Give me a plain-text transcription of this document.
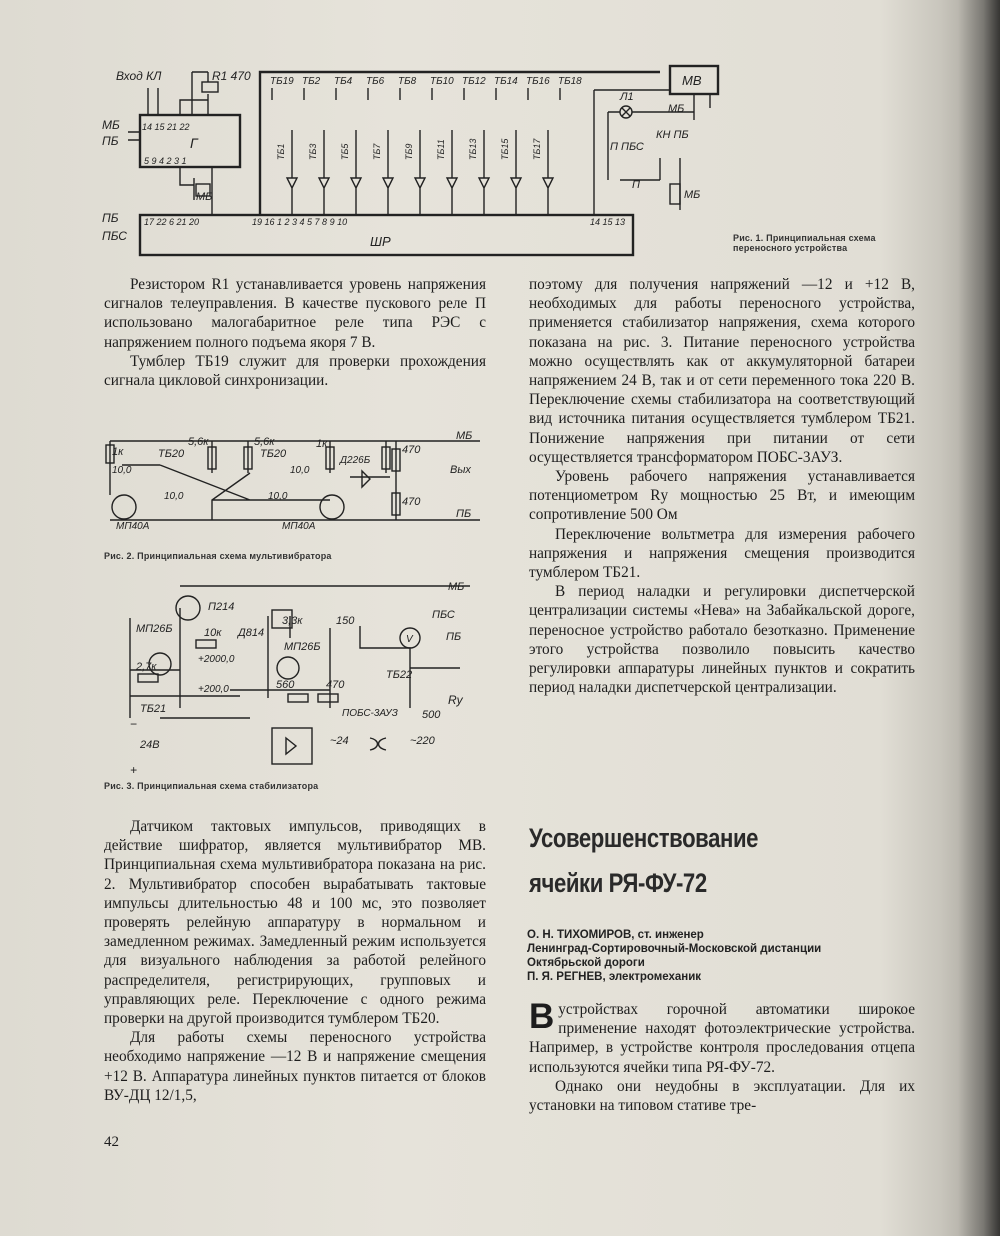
Вход КЛ	R1 470
МБ
ПБ
14 15 21 22
Г
5 9 4 2 3 1
МБ
ПБ
ПБС
17 22 6 21 20	19 16 1 2 3 4 5 7 8 9 10	14 15 13
ШР
ТБ19 ТБ2 ТБ4 ТБ6 ТБ8 ТБ10 ТБ12 ТБ14 ТБ16 ТБ18
ТБ1 ТБ3 ТБ5 ТБ7 ТБ9 ТБ11 ТБ13 ТБ15 ТБ17
МВ
Л1
МБ
П ПБС
КН ПБ
П
МБ
Рис. 1. Принципиальная схема переносного устройства

Резистором R1 устанавливается уровень напряжения сигналов телеуправления. В качестве пускового реле П использовано малогабаритное реле типа РЭС с напряжением полного подъема якоря 7 В.

Тумблер ТБ19 служит для проверки прохождения сигнала цикловой синхронизации.

1к
5,6к	5,6к	1к
Д226Б
470
470
МБ
Вых
ПБ
ТБ20	ТБ20
10,0
10,0
10,0
10,0
МП40А	МП40А
Рис. 2. Принципиальная схема мультивибратора
П214
МП26Б	10к Д814
МП26Б
3,3к	150
МБ
ПБС
ПБ
V
ТБ22
2,7к
+2000,0
+200,0	560	470
Rу
500
ТБ21	ПОБС-3АУЗ
~24	~220
24В
+
−
Рис. 3. Принципиальная схема стабилизатора

Датчиком тактовых импульсов, приводящих в действие шифратор, является мультивибратор МВ. Принципиальная схема мультивибратора показана на рис. 2. Мультивибратор способен вырабатывать тактовые импульсы длительностью 48 и 100 мс, это позволяет проверять релейную аппаратуру в нормальном и замедленном режимах. Замедленный режим используется для визуального наблюдения за работой релейного распределителя, регистрирующих, групповых и управляющих реле. Переключение с одного режима проверки на другой производится тумблером ТБ20.

Для работы схемы переносного устройства необходимо напряжение —12 В и напряжение смещения +12 В. Аппаратура линейных пунктов питается от блоков ВУ-ДЦ 12/1,5,

поэтому для получения напряжений —12 и +12 В, необходимых для работы переносного устройства, применяется стабилизатор напряжения, схема которого показана на рис. 3. Питание переносного устройства можно осуществлять как от аккумуляторной батареи напряжением 24 В, так и от сети переменного тока 220 В. Переключение схемы стабилизатора на соответствующий вид источника питания осуществляется тумблером ТБ21. Понижение напряжения при питании от сети осуществляется трансформатором ПОБС-3АУЗ.

Уровень рабочего напряжения устанавливается потенциометром Rу мощностью 25 Вт, и имеющим сопротивление 500 Ом

Переключение вольтметра для измерения рабочего напряжения и напряжения смещения производится тумблером ТБ21.

В период наладки и регулировки диспетчерской централизации системы «Нева» на Забайкальской дороге, переносное устройство работало безотказно. Применение этого устройства позволило повысить качество регулировки аппаратуры линейных пунктов и сократить период наладки диспетчерской централизации.

Усовершенствование
ячейки РЯ-ФУ-72
О. Н. ТИХОМИРОВ, ст. инженер
Ленинград-Сортировочный-Московской дистанции
Октябрьской дороги
П. Я. РЕГНЕВ, электромеханик

Вустройствах горочной автоматики широкое применение находят фотоэлектрические устройства. Например, в устройстве контроля проследования отцепа используются ячейки типа РЯ-ФУ-72.

Однако они неудобны в эксплуатации. Для их установки на типовом стативе тре-

42
